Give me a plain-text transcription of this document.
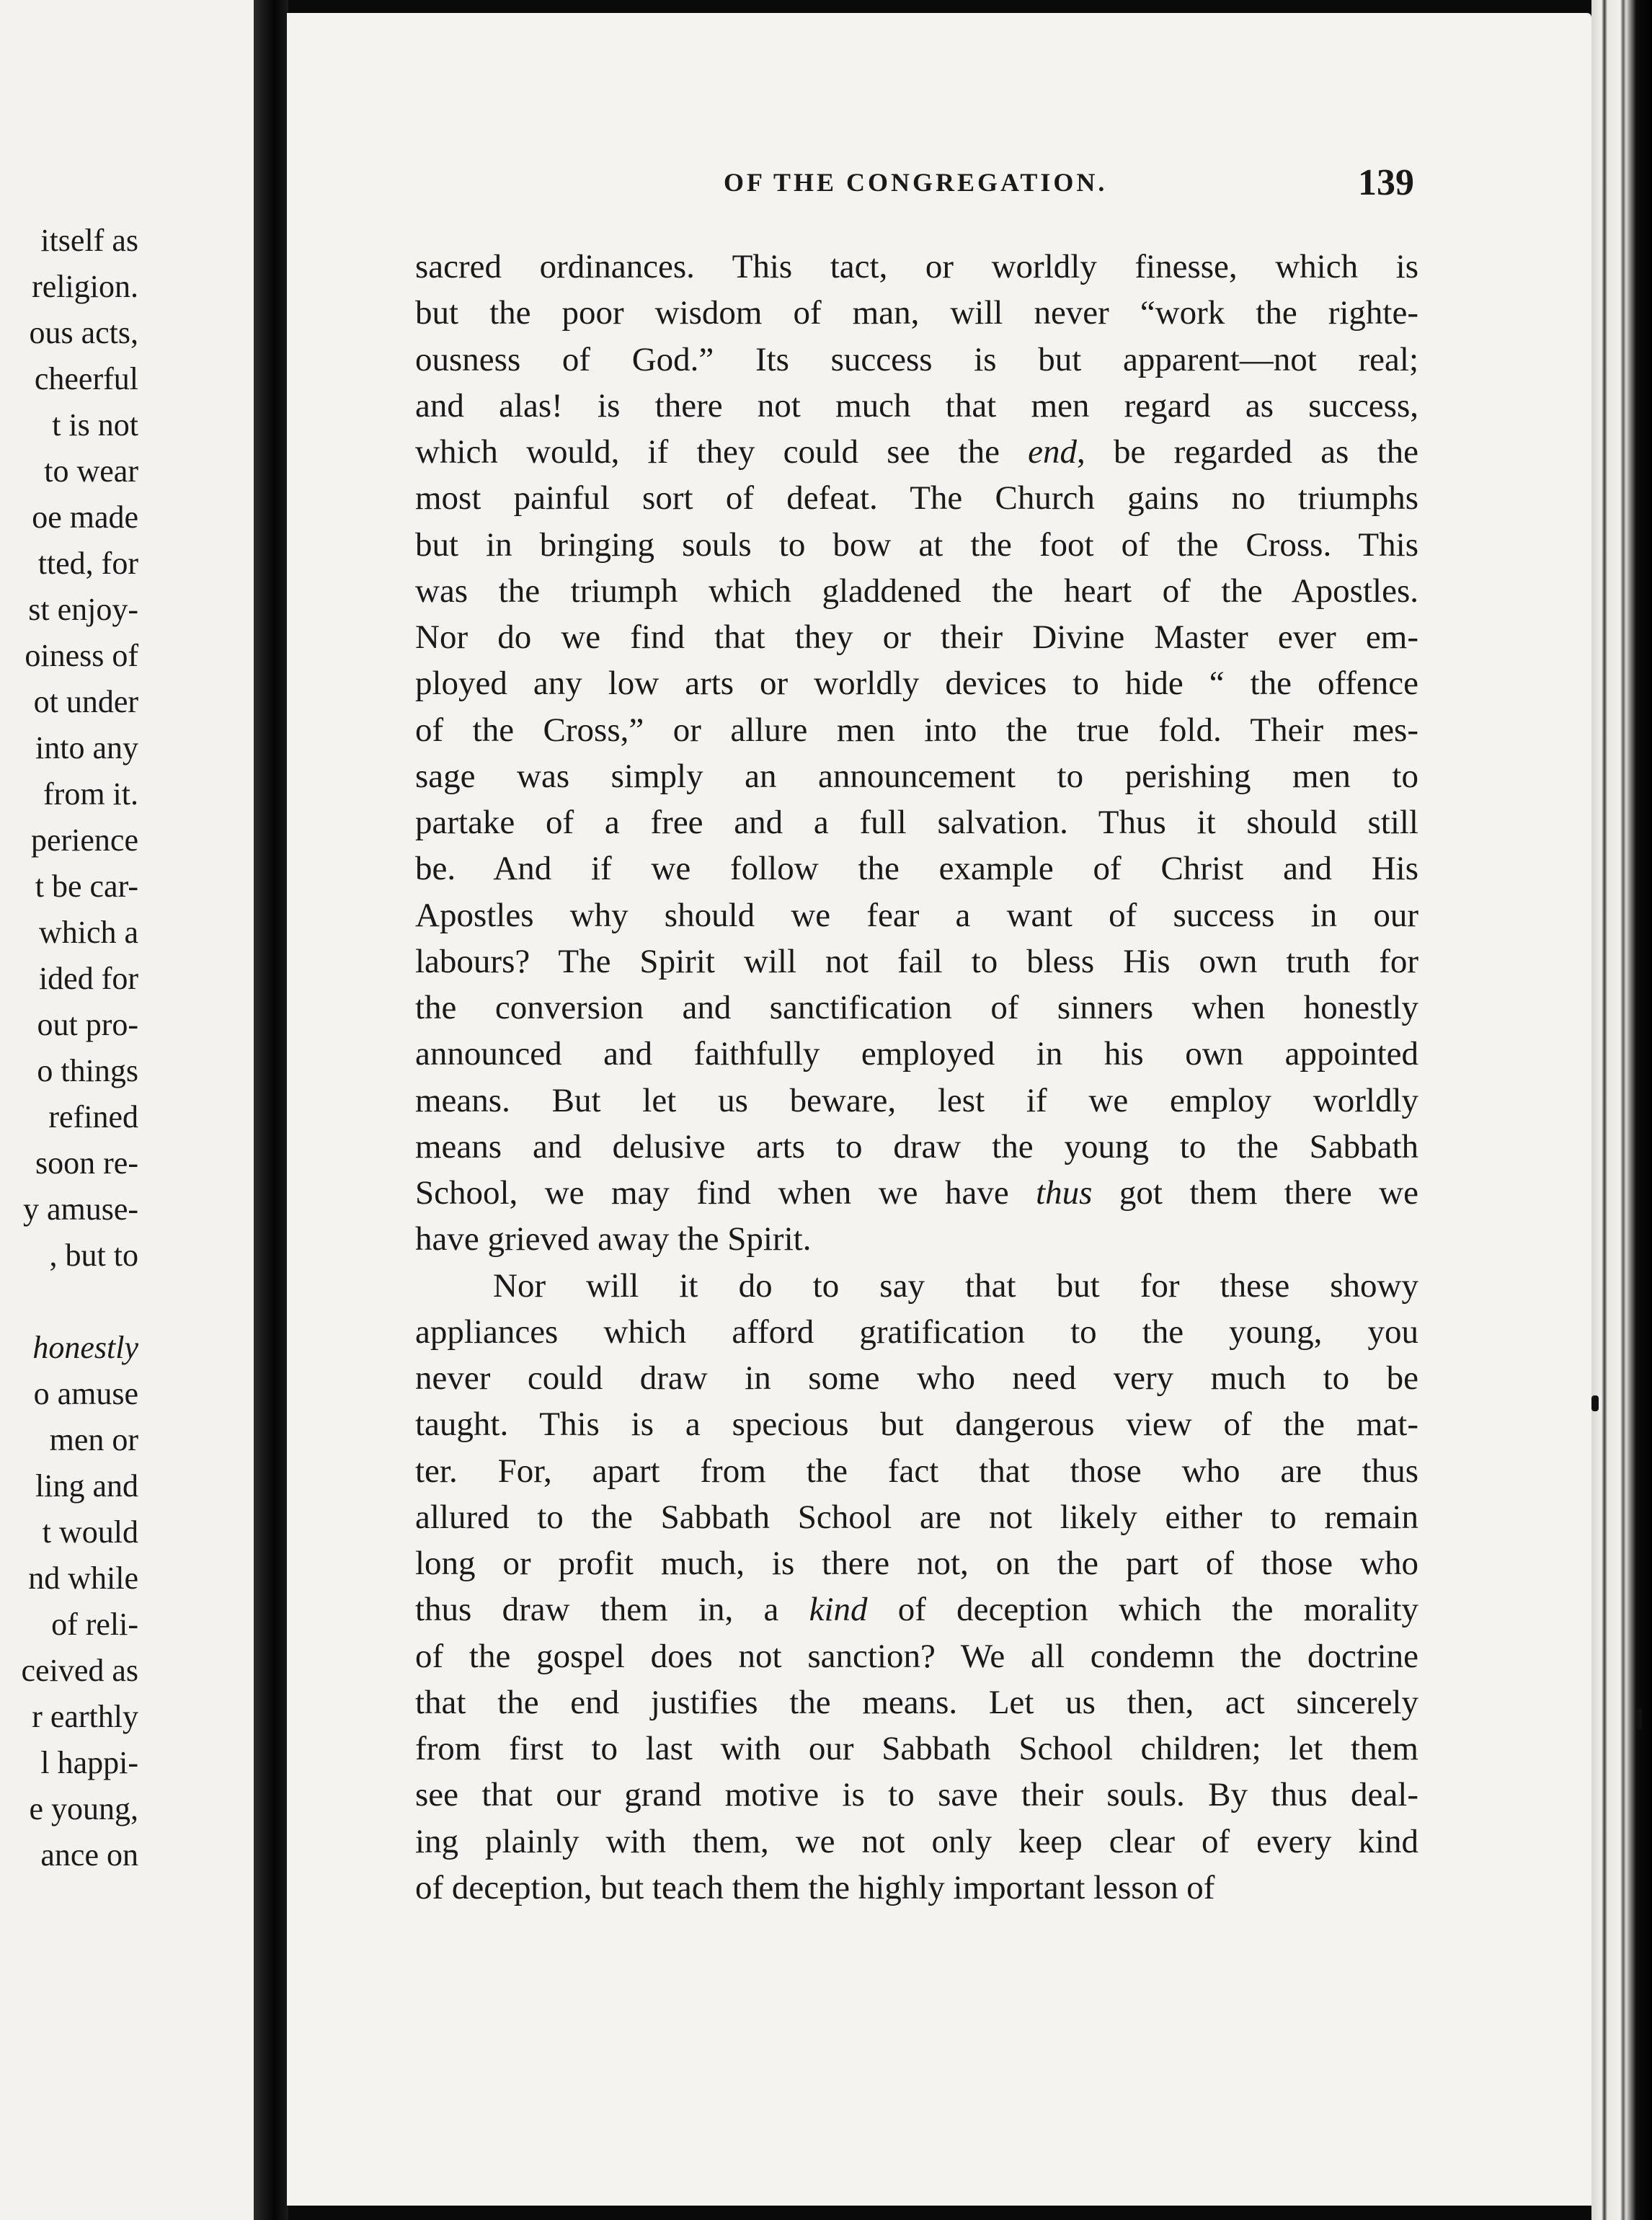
itself as
religion.
ous acts,
cheerful
t is not
to wear
oe made
tted, for
st enjoy-
oiness of
ot under
into any
from it.
perience
t be car-
which a
ided for
out pro-
o things
refined
soon re-
y amuse-
, but to
honestly
o amuse
men or
ling and
t would
nd while
of reli-
ceived as
r earthly
l happi-
e young,
ance on
OF THE CONGREGATION.	139
sacred ordinances. This tact, or worldly finesse, which is
but the poor wisdom of man, will never “work the righte-
ousness of God.” Its success is but apparent—not real;
and alas! is there not much that men regard as success,
which would, if they could see the end, be regarded as the
most painful sort of defeat. The Church gains no triumphs
but in bringing souls to bow at the foot of the Cross. This
was the triumph which gladdened the heart of the Apostles.
Nor do we find that they or their Divine Master ever em-
ployed any low arts or worldly devices to hide “ the offence
of the Cross,” or allure men into the true fold. Their mes-
sage was simply an announcement to perishing men to
partake of a free and a full salvation. Thus it should still
be. And if we follow the example of Christ and His
Apostles why should we fear a want of success in our
labours? The Spirit will not fail to bless His own truth for
the conversion and sanctification of sinners when honestly
announced and faithfully employed in his own appointed
means. But let us beware, lest if we employ worldly
means and delusive arts to draw the young to the Sabbath
School, we may find when we have thus got them there we
have grieved away the Spirit.
Nor will it do to say that but for these showy
appliances which afford gratification to the young, you
never could draw in some who need very much to be
taught. This is a specious but dangerous view of the mat-
ter. For, apart from the fact that those who are thus
allured to the Sabbath School are not likely either to remain
long or profit much, is there not, on the part of those who
thus draw them in, a kind of deception which the morality
of the gospel does not sanction? We all condemn the doctrine
that the end justifies the means. Let us then, act sincerely
from first to last with our Sabbath School children; let them
see that our grand motive is to save their souls. By thus deal-
ing plainly with them, we not only keep clear of every kind
of deception, but teach them the highly important lesson of
